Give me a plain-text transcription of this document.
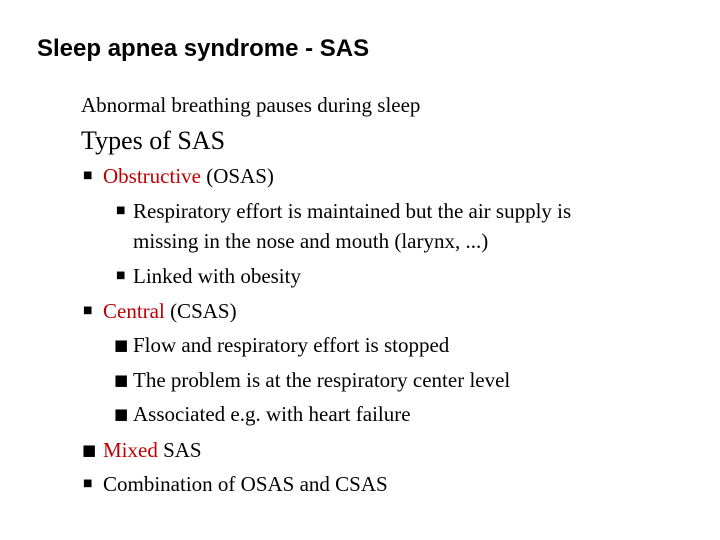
Sleep apnea syndrome - SAS
Abnormal breathing pauses during sleep
Types of SAS
■ Obstructive (OSAS)
■ Respiratory effort is maintained but the air supply is
missing in the nose and mouth (larynx, ...)
■ Linked with obesity
■ Central (CSAS)
■ Flow and respiratory effort is stopped
■ The problem is at the respiratory center level
■ Associated e.g. with heart failure
■ Mixed SAS
■ Combination of OSAS and CSAS
